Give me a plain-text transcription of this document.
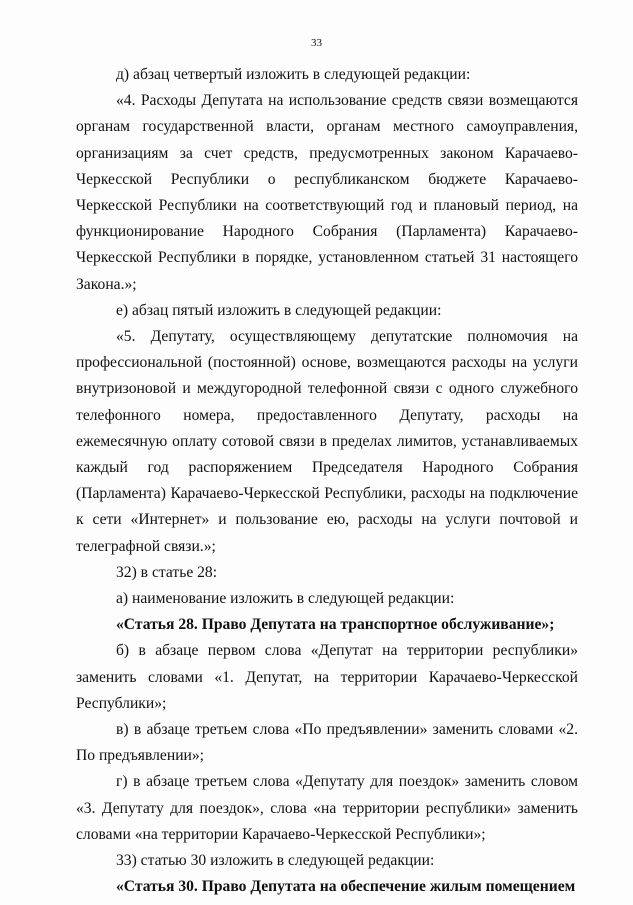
33

д) абзац четвертый изложить в следующей редакции:

«4. Расходы Депутата на использование средств связи возмещаются органам государственной власти, органам местного самоуправления, организациям за счет средств, предусмотренных законом Карачаево-Черкесской Республики о республиканском бюджете Карачаево-Черкесской Республики на соответствующий год и плановый период, на функционирование Народного Собрания (Парламента) Карачаево-Черкесской Республики в порядке, установленном статьей 31 настоящего Закона.»;

е) абзац пятый изложить в следующей редакции:

«5. Депутату, осуществляющему депутатские полномочия на профессиональной (постоянной) основе, возмещаются расходы на услуги внутризоновой и междугородной телефонной связи с одного служебного телефонного номера, предоставленного Депутату, расходы на ежемесячную оплату сотовой связи в пределах лимитов, устанавливаемых каждый год распоряжением Председателя Народного Собрания (Парламента) Карачаево-Черкесской Республики, расходы на подключение к сети «Интернет» и пользование ею, расходы на услуги почтовой и телеграфной связи.»;

32) в статье 28:

а) наименование изложить в следующей редакции:

«Статья 28. Право Депутата на транспортное обслуживание»;

б) в абзаце первом слова «Депутат на территории республики» заменить словами «1. Депутат, на территории Карачаево-Черкесской Республики»;

в) в абзаце третьем слова «По предъявлении» заменить словами «2. По предъявлении»;

г) в абзаце третьем слова «Депутату для поездок» заменить словом «3. Депутату для поездок», слова «на территории республики» заменить словами «на территории Карачаево-Черкесской Республики»;

33) статью 30 изложить в следующей редакции:

«Статья 30. Право Депутата на обеспечение жилым помещением
